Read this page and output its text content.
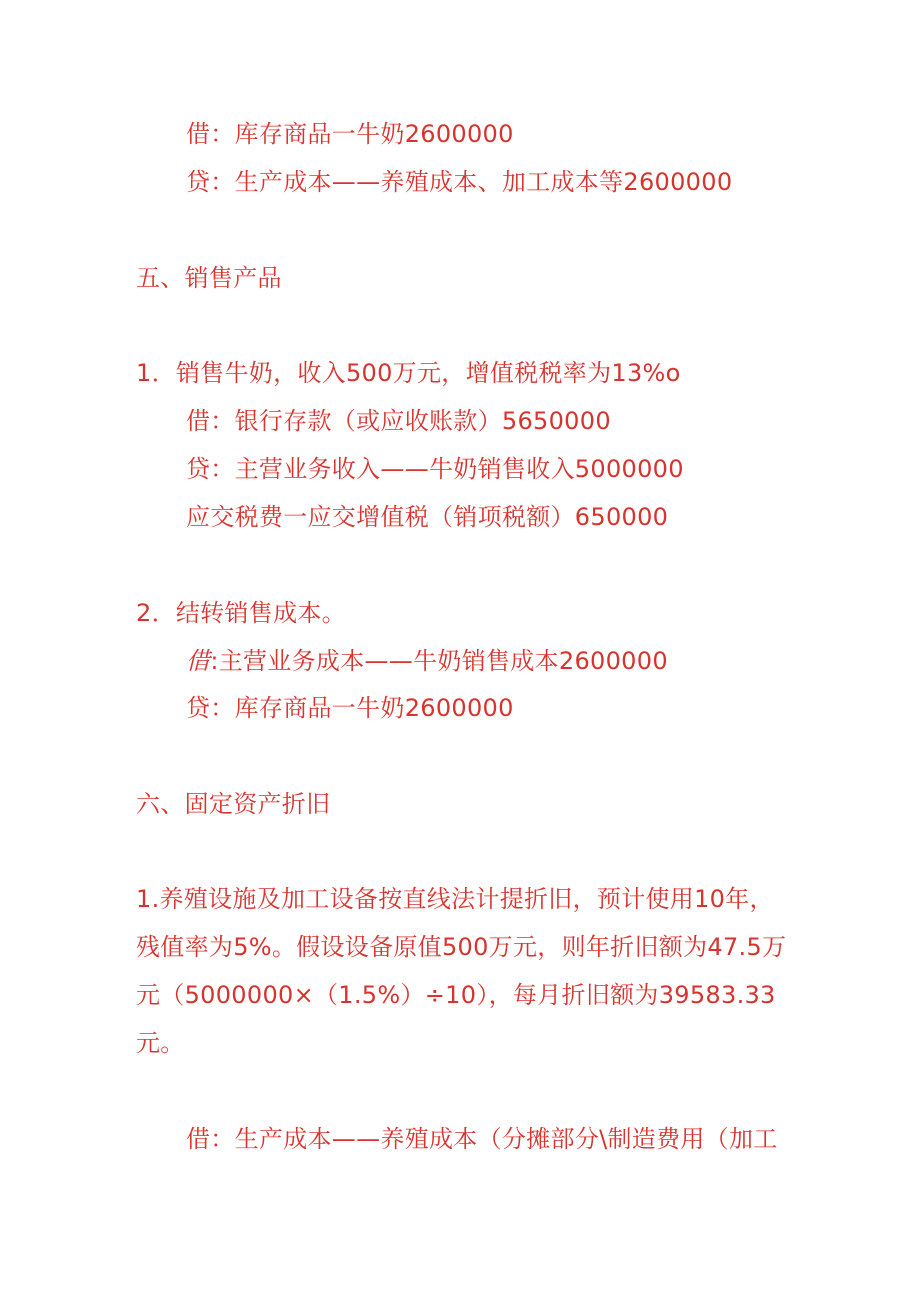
借：库存商品一牛奶2600000
贷：生产成本——养殖成本、加工成本等2600000
五、销售产品
1．销售牛奶，收入500万元，增值税税率为13%o
借：银行存款（或应收账款）5650000
贷：主营业务收入——牛奶销售收入5000000
应交税费一应交增值税（销项税额）650000
2．结转销售成本。
借:主营业务成本——牛奶销售成本2600000
贷：库存商品一牛奶2600000
六、固定资产折旧
1.养殖设施及加工设备按直线法计提折旧，预计使用10年，
残值率为5%。假设设备原值500万元，则年折旧额为47.5万
元（5000000×（1.5%）÷10），每月折旧额为39583.33
元。
借：生产成本——养殖成本（分摊部分\制造费用（加工
